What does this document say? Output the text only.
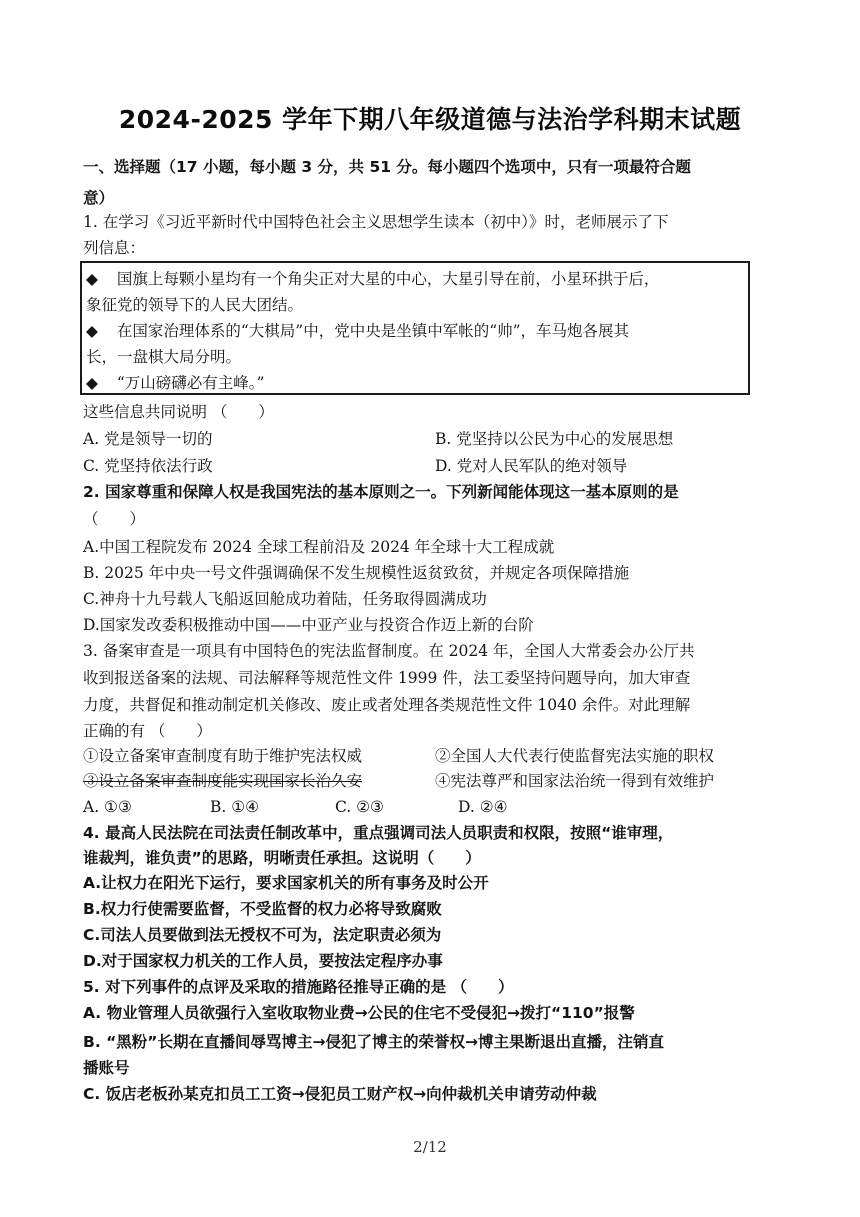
2024-2025 学年下期八年级道德与法治学科期末试题
一、选择题（17 小题，每小题 3 分，共 51 分。每小题四个选项中，只有一项最符合题
意）
1. 在学习《习近平新时代中国特色社会主义思想学生读本（初中）》时，老师展示了下
列信息：
◆ 国旗上每颗小星均有一个角尖正对大星的中心，大星引导在前，小星环拱于后，
象征党的领导下的人民大团结。
◆ 在国家治理体系的“大棋局”中，党中央是坐镇中军帐的“帅”，车马炮各展其
长，一盘棋大局分明。
◆ “万山磅礴必有主峰。”
这些信息共同说明 （　　）
A. 党是领导一切的	B. 党坚持以公民为中心的发展思想
C. 党坚持依法行政	D. 党对人民军队的绝对领导
2. 国家尊重和保障人权是我国宪法的基本原则之一。下列新闻能体现这一基本原则的是
（　　）
A.中国工程院发布 2024 全球工程前沿及 2024 年全球十大工程成就
B. 2025 年中央一号文件强调确保不发生规模性返贫致贫，并规定各项保障措施
C.神舟十九号载人飞船返回舱成功着陆，任务取得圆满成功
D.国家发改委积极推动中国——中亚产业与投资合作迈上新的台阶
3. 备案审查是一项具有中国特色的宪法监督制度。在 2024 年，全国人大常委会办公厅共
收到报送备案的法规、司法解释等规范性文件 1999 件，法工委坚持问题导向，加大审查
力度，共督促和推动制定机关修改、废止或者处理各类规范性文件 1040 余件。对此理解
正确的有 （　　）
①设立备案审查制度有助于维护宪法权威	②全国人大代表行使监督宪法实施的职权
③设立备案审查制度能实现国家长治久安	④宪法尊严和国家法治统一得到有效维护
A. ①③	B. ①④	C. ②③	D. ②④
4. 最高人民法院在司法责任制改革中，重点强调司法人员职责和权限，按照“谁审理，
谁裁判，谁负责”的思路，明晰责任承担。这说明（　　）
A.让权力在阳光下运行，要求国家机关的所有事务及时公开
B.权力行使需要监督，不受监督的权力必将导致腐败
C.司法人员要做到法无授权不可为，法定职责必须为
D.对于国家权力机关的工作人员，要按法定程序办事
5. 对下列事件的点评及采取的措施路径推导正确的是 （　　）
A. 物业管理人员欲强行入室收取物业费→公民的住宅不受侵犯→拨打“110”报警
B. “黑粉”长期在直播间辱骂博主→侵犯了博主的荣誉权→博主果断退出直播，注销直
播账号
C. 饭店老板孙某克扣员工工资→侵犯员工财产权→向仲裁机关申请劳动仲裁
2/12
